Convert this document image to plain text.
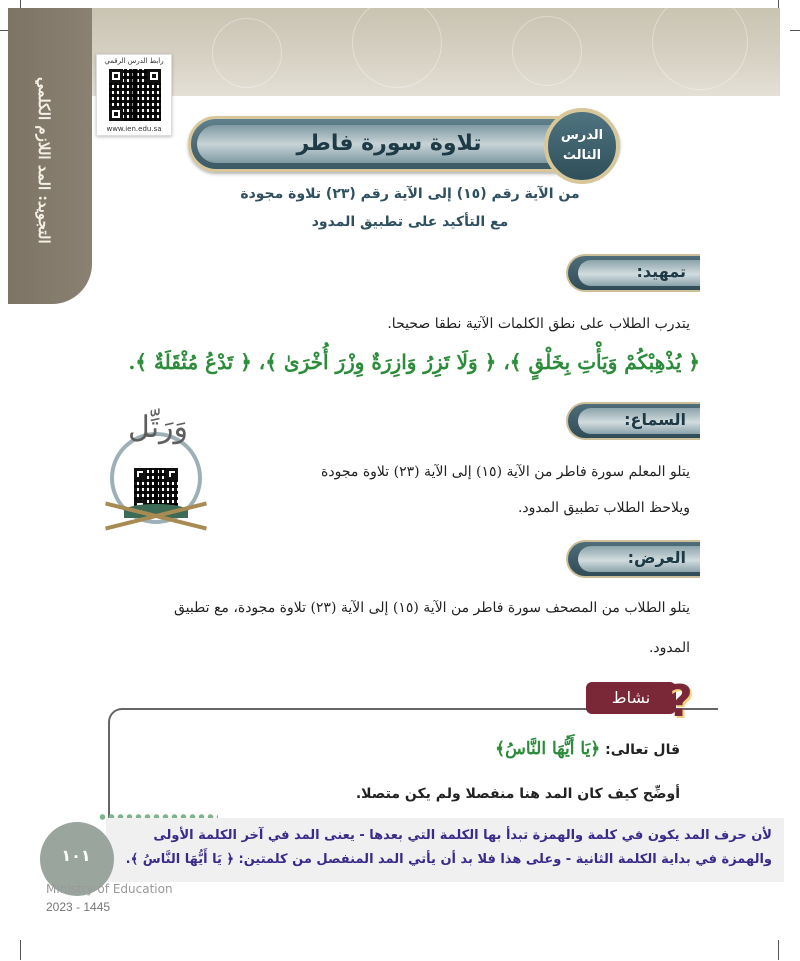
التجويد: المد اللازم الكلمي
رابط الدرس الرقمي
www.ien.edu.sa
تلاوة سورة فاطر	الدرس
الثالث
من الآية رقم (١٥) إلى الآية رقم (٢٣) تلاوة مجودة
مع التأكيد على تطبيق المدود
تمهيد:
يتدرب الطلاب على نطق الكلمات الآتية نطقا صحيحا.
﴿ يُذْهِبْكُمْ وَيَأْتِ بِخَلْقٍ ﴾، ﴿ وَلَا تَزِرُ وَازِرَةٌ وِزْرَ أُخْرَىٰ ﴾، ﴿ تَدْعُ مُثْقَلَةٌ ﴾.
السماع:
يتلو المعلم سورة فاطر من الآية (١٥) إلى الآية (٢٣) تلاوة مجودة
ويلاحظ الطلاب تطبيق المدود.
وَرَتِّل
العرض:
يتلو الطلاب من المصحف سورة فاطر من الآية (١٥) إلى الآية (٢٣) تلاوة مجودة، مع تطبيق
المدود.
نشاط ?
قال تعالى: ﴿يَا أَيُّهَا النَّاسُ﴾
أوضِّح كيف كان المد هنا منفصلا ولم يكن متصلا.
لأن حرف المد يكون في كلمة والهمزة تبدأ بها الكلمة التي بعدها - يعنى المد في آخر الكلمة الأولى
والهمزة في بداية الكلمة الثانية - وعلى هذا فلا بد أن يأتي المد المنفصل من كلمتين: ﴿ يَا أَيُّهَا النَّاسُ ﴾.
١٠١
Ministry of Education
2023 - 1445
